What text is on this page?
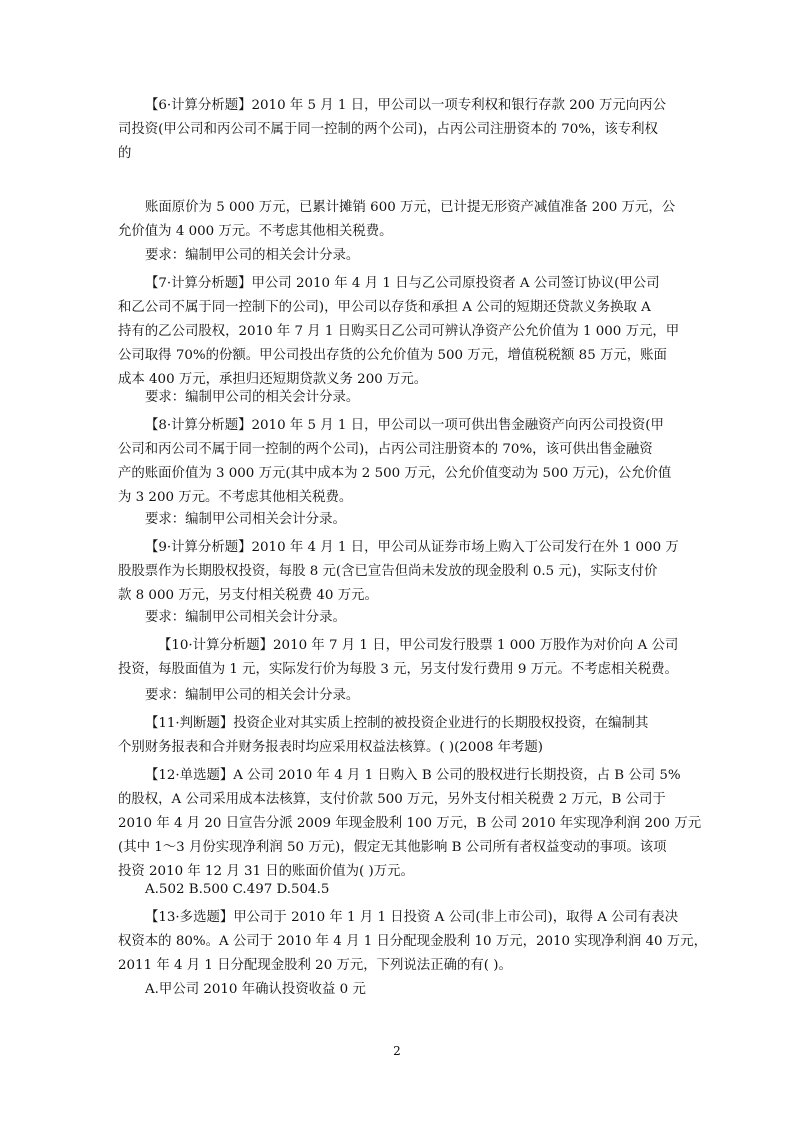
【6·计算分析题】2010 年 5 月 1 日，甲公司以一项专利权和银行存款 200 万元向丙公
司投资(甲公司和丙公司不属于同一控制的两个公司)，占丙公司注册资本的 70%，该专利权
的

账面原价为 5 000 万元，已累计摊销 600 万元，已计提无形资产减值准备 200 万元，公
允价值为 4 000 万元。不考虑其他相关税费。

要求：编制甲公司的相关会计分录。

【7·计算分析题】甲公司 2010 年 4 月 1 日与乙公司原投资者 A 公司签订协议(甲公司
和乙公司不属于同一控制下的公司)，甲公司以存货和承担 A 公司的短期还贷款义务换取 A
持有的乙公司股权，2010 年 7 月 1 日购买日乙公司可辨认净资产公允价值为 1 000 万元，甲
公司取得 70%的份额。甲公司投出存货的公允价值为 500 万元，增值税税额 85 万元，账面
成本 400 万元，承担归还短期贷款义务 200 万元。

要求：编制甲公司的相关会计分录。

【8·计算分析题】2010 年 5 月 1 日，甲公司以一项可供出售金融资产向丙公司投资(甲
公司和丙公司不属于同一控制的两个公司)，占丙公司注册资本的 70%，该可供出售金融资
产的账面价值为 3 000 万元(其中成本为 2 500 万元，公允价值变动为 500 万元)，公允价值
为 3 200 万元。不考虑其他相关税费。

要求：编制甲公司相关会计分录。

【9·计算分析题】2010 年 4 月 1 日，甲公司从证券市场上购入丁公司发行在外 1 000 万
股股票作为长期股权投资，每股 8 元(含已宣告但尚未发放的现金股利 0.5 元)，实际支付价
款 8 000 万元，另支付相关税费 40 万元。

要求：编制甲公司相关会计分录。

【10·计算分析题】2010 年 7 月 1 日，甲公司发行股票 1 000 万股作为对价向 A 公司
投资，每股面值为 1 元，实际发行价为每股 3 元，另支付发行费用 9 万元。不考虑相关税费。

要求：编制甲公司的相关会计分录。

【11·判断题】投资企业对其实质上控制的被投资企业进行的长期股权投资，在编制其
个别财务报表和合并财务报表时均应采用权益法核算。( )(2008 年考题)

【12·单选题】A 公司 2010 年 4 月 1 日购入 B 公司的股权进行长期投资，占 B 公司 5%
的股权，A 公司采用成本法核算，支付价款 500 万元，另外支付相关税费 2 万元，B 公司于
2010 年 4 月 20 日宣告分派 2009 年现金股利 100 万元，B 公司 2010 年实现净利润 200 万元
(其中 1～3 月份实现净利润 50 万元)，假定无其他影响 B 公司所有者权益变动的事项。该项
投资 2010 年 12 月 31 日的账面价值为( )万元。

A.502 B.500 C.497 D.504.5

【13·多选题】甲公司于 2010 年 1 月 1 日投资 A 公司(非上市公司)，取得 A 公司有表决
权资本的 80%。A 公司于 2010 年 4 月 1 日分配现金股利 10 万元，2010 实现净利润 40 万元，
2011 年 4 月 1 日分配现金股利 20 万元，下列说法正确的有( )。

A.甲公司 2010 年确认投资收益 0 元

2
